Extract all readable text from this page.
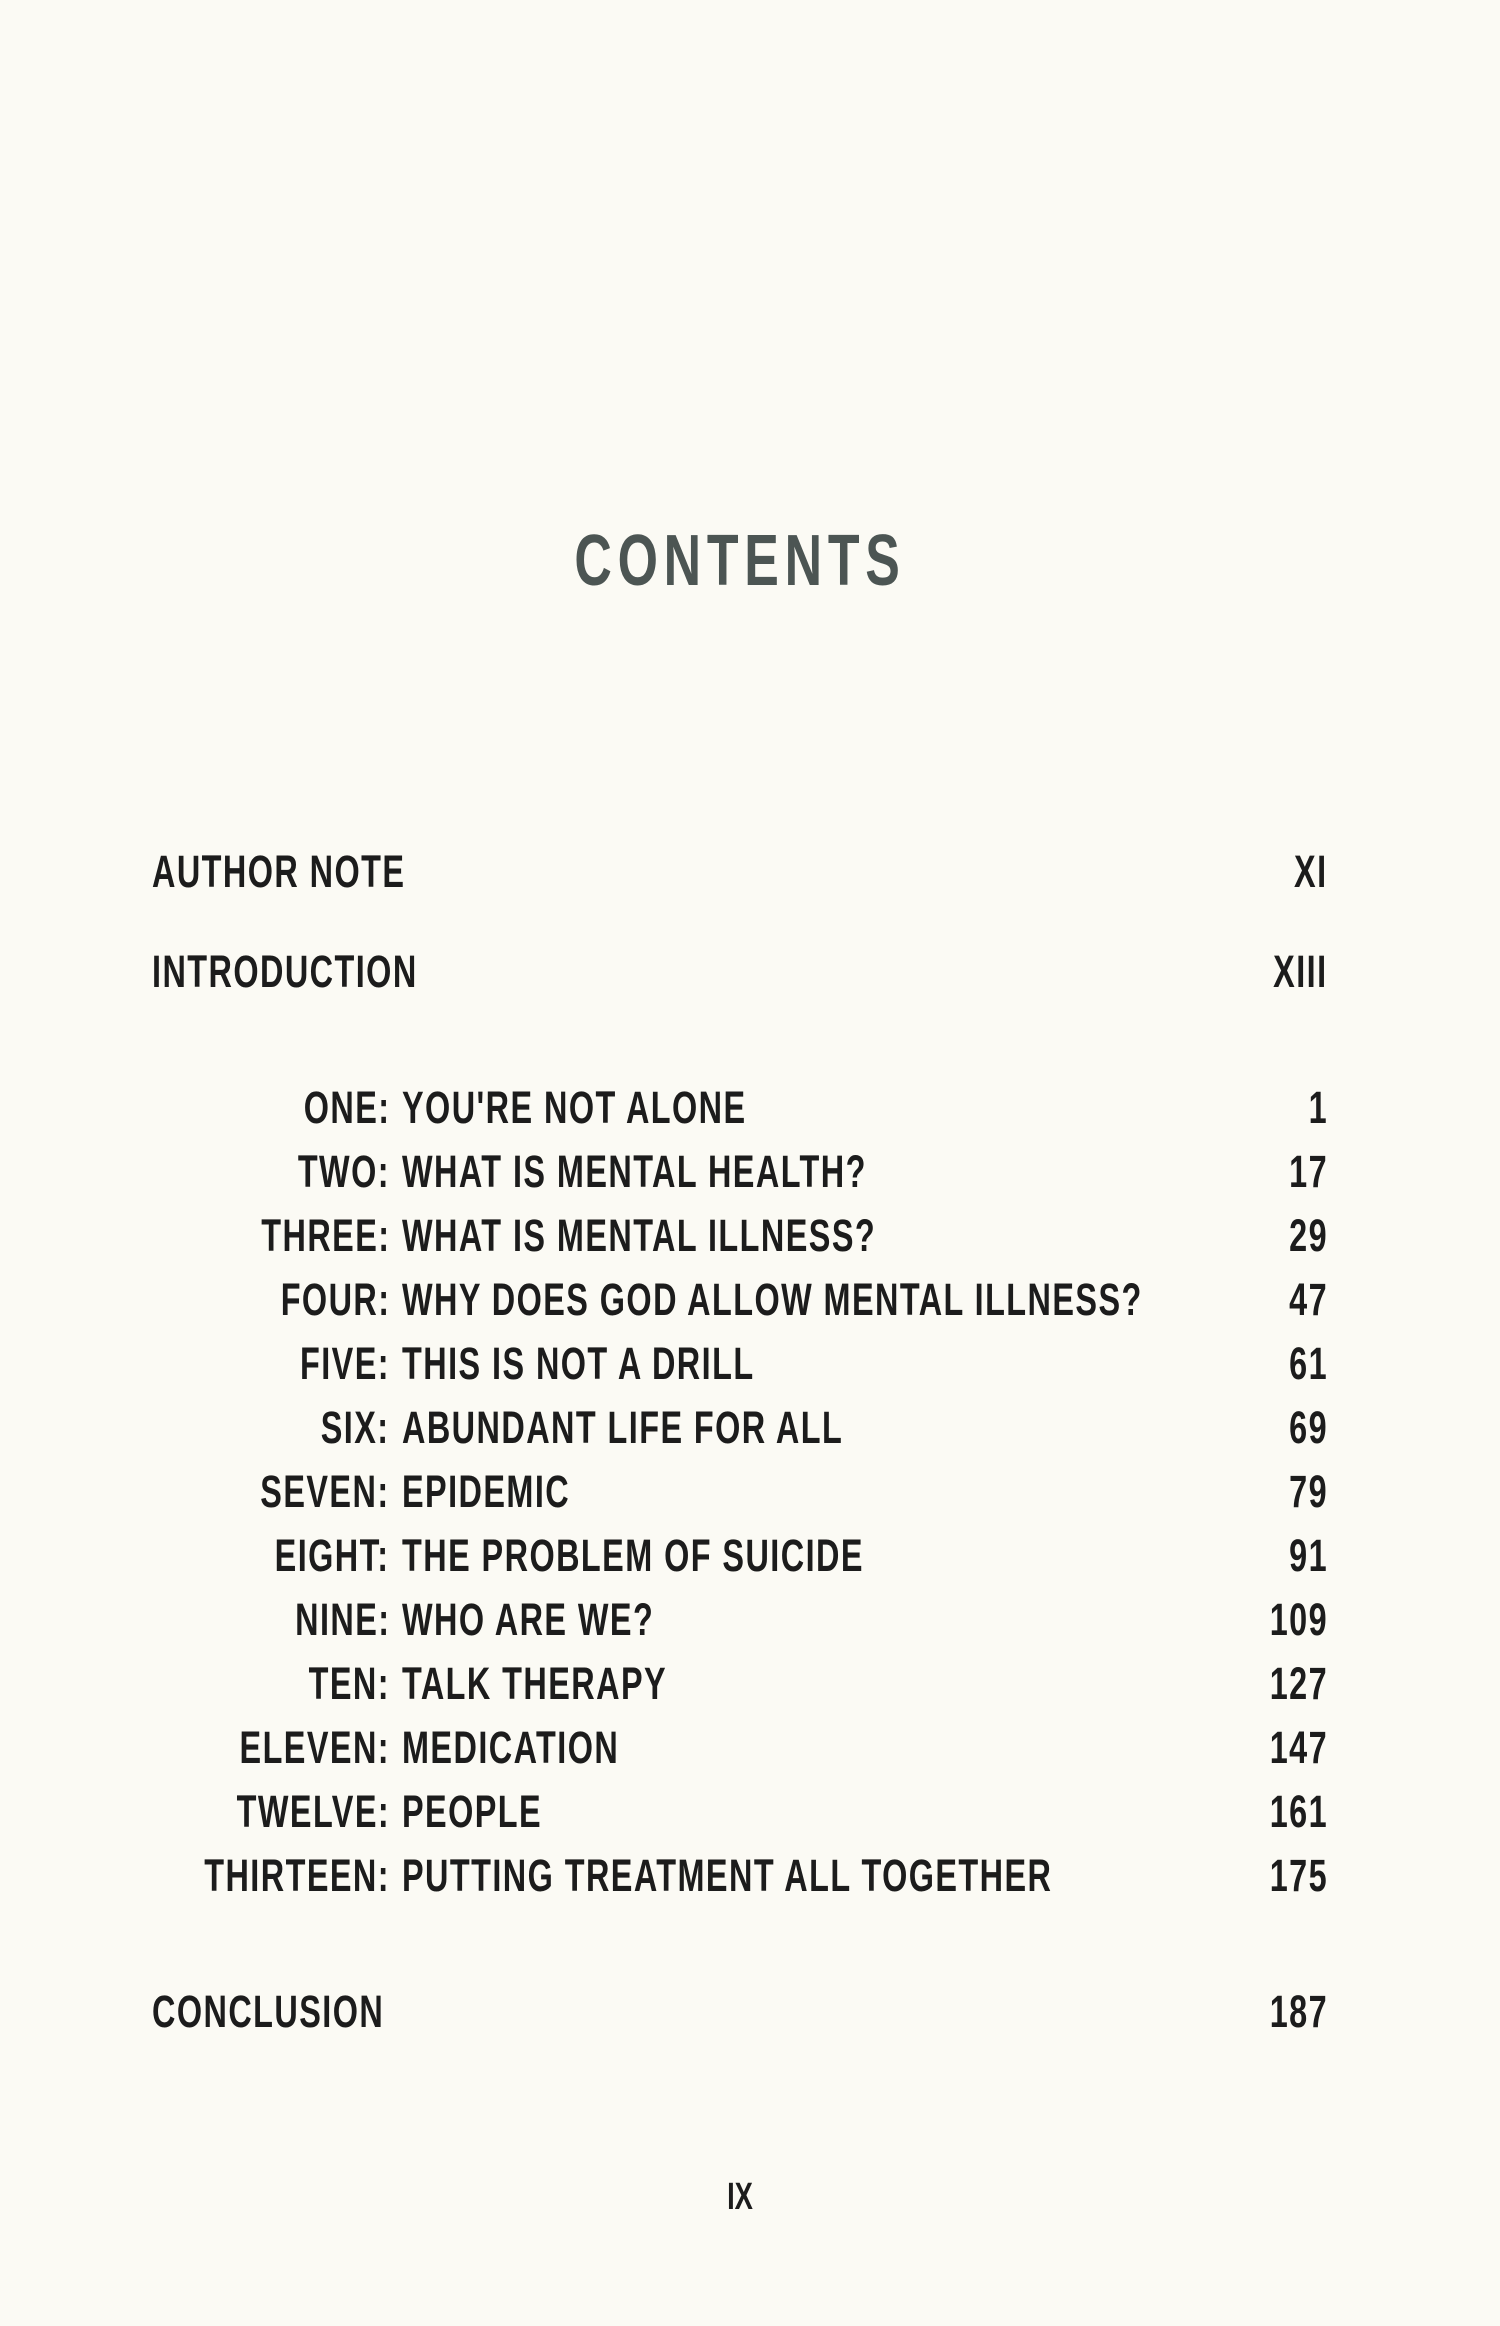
CONTENTS
AUTHOR NOTE	XI
INTRODUCTION	XIII
ONE: YOU'RE NOT ALONE	1
TWO: WHAT IS MENTAL HEALTH?	17
THREE: WHAT IS MENTAL ILLNESS?	29
FOUR: WHY DOES GOD ALLOW MENTAL ILLNESS?	47
FIVE: THIS IS NOT A DRILL	61
SIX: ABUNDANT LIFE FOR ALL	69
SEVEN: EPIDEMIC	79
EIGHT: THE PROBLEM OF SUICIDE	91
NINE: WHO ARE WE?	109
TEN: TALK THERAPY	127
ELEVEN: MEDICATION	147
TWELVE: PEOPLE	161
THIRTEEN: PUTTING TREATMENT ALL TOGETHER	175
CONCLUSION	187
IX
